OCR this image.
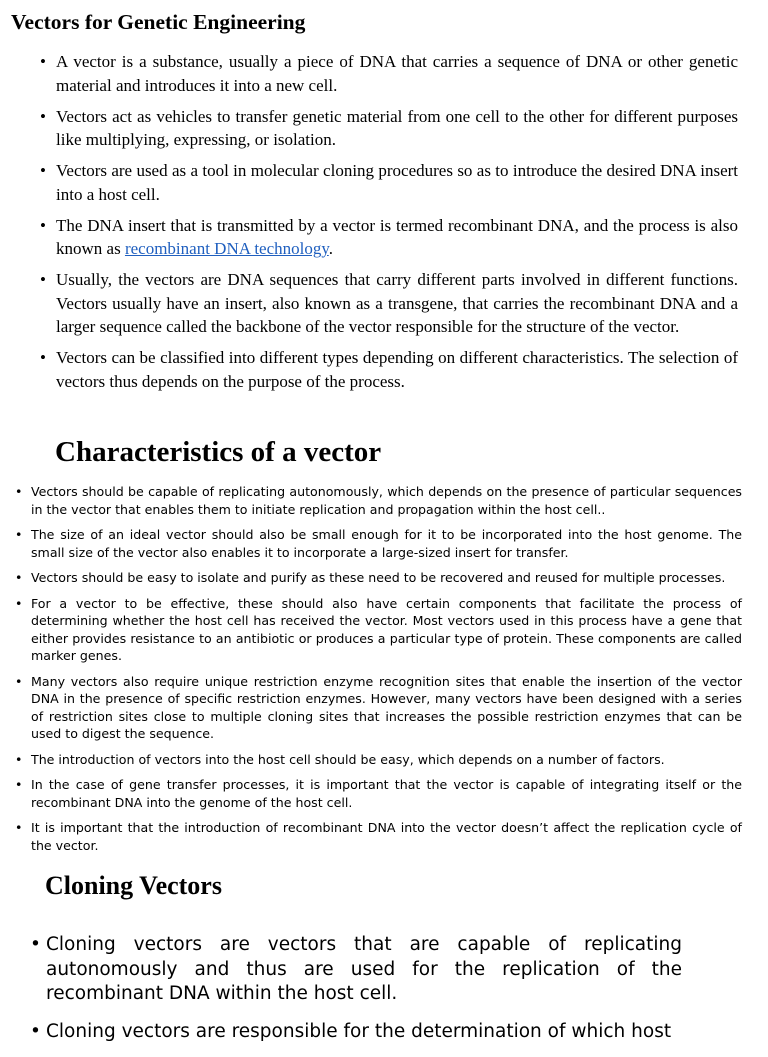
Vectors for Genetic Engineering
• A vector is a substance, usually a piece of DNA that carries a sequence of DNA or other genetic material and introduces it into a new cell.
• Vectors act as vehicles to transfer genetic material from one cell to the other for different purposes like multiplying, expressing, or isolation.
• Vectors are used as a tool in molecular cloning procedures so as to introduce the desired DNA insert into a host cell.
• The DNA insert that is transmitted by a vector is termed recombinant DNA, and the process is also known as recombinant DNA technology.
• Usually, the vectors are DNA sequences that carry different parts involved in different functions. Vectors usually have an insert, also known as a transgene, that carries the recombinant DNA and a larger sequence called the backbone of the vector responsible for the structure of the vector.
• Vectors can be classified into different types depending on different characteristics. The selection of vectors thus depends on the purpose of the process.
Characteristics of a vector
• Vectors should be capable of replicating autonomously, which depends on the presence of particular sequences in the vector that enables them to initiate replication and propagation within the host cell..
• The size of an ideal vector should also be small enough for it to be incorporated into the host genome. The small size of the vector also enables it to incorporate a large-sized insert for transfer.
• Vectors should be easy to isolate and purify as these need to be recovered and reused for multiple processes.
• For a vector to be effective, these should also have certain components that facilitate the process of determining whether the host cell has received the vector. Most vectors used in this process have a gene that either provides resistance to an antibiotic or produces a particular type of protein. These components are called marker genes.
• Many vectors also require unique restriction enzyme recognition sites that enable the insertion of the vector DNA in the presence of specific restriction enzymes. However, many vectors have been designed with a series of restriction sites close to multiple cloning sites that increases the possible restriction enzymes that can be used to digest the sequence.
• The introduction of vectors into the host cell should be easy, which depends on a number of factors.
• In the case of gene transfer processes, it is important that the vector is capable of integrating itself or the recombinant DNA into the genome of the host cell.
• It is important that the introduction of recombinant DNA into the vector doesn’t affect the replication cycle of the vector.
Cloning Vectors
• Cloning vectors are vectors that are capable of replicating autonomously and thus are used for the replication of the recombinant DNA within the host cell.
• Cloning vectors are responsible for the determination of which host
